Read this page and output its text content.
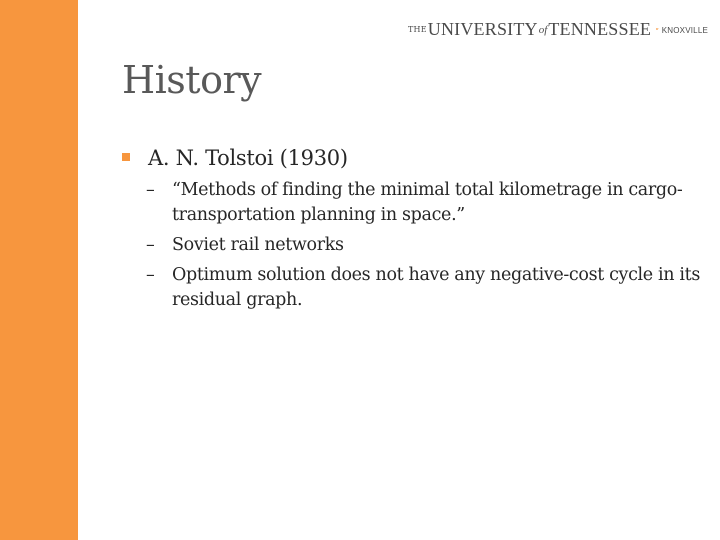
THE UNIVERSITY of TENNESSEE KNOXVILLE
History
A. N. Tolstoi (1930)
–	“Methods of finding the minimal total kilometrage in cargo-transportation planning in space.”
–	Soviet rail networks
–	Optimum solution does not have any negative-cost cycle in its residual graph.
